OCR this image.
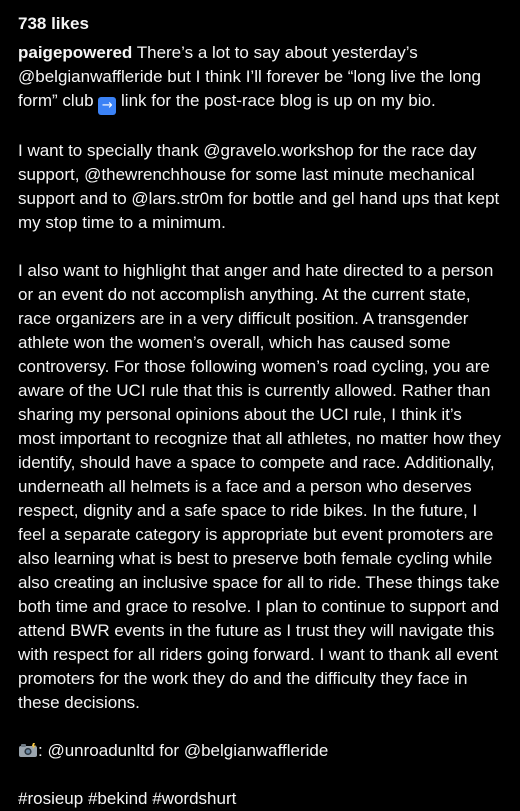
738 likes

paigepowered There’s a lot to say about yesterday’s @belgianwaffleride but I think I’ll forever be “long live the long form” club → link for the post-race blog is up on my bio.

I want to specially thank @gravelo.workshop for the race day support, @thewrenchhouse for some last minute mechanical support and to @lars.str0m for bottle and gel hand ups that kept my stop time to a minimum.

I also want to highlight that anger and hate directed to a person or an event do not accomplish anything. At the current state, race organizers are in a very difficult position. A transgender athlete won the women’s overall, which has caused some controversy. For those following women’s road cycling, you are aware of the UCI rule that this is currently allowed. Rather than sharing my personal opinions about the UCI rule, I think it’s most important to recognize that all athletes, no matter how they identify, should have a space to compete and race. Additionally, underneath all helmets is a face and a person who deserves respect, dignity and a safe space to ride bikes. In the future, I feel a separate category is appropriate but event promoters are also learning what is best to preserve both female cycling while also creating an inclusive space for all to ride. These things take both time and grace to resolve. I plan to continue to support and attend BWR events in the future as I trust they will navigate this with respect for all riders going forward. I want to thank all event promoters for the work they do and the difficulty they face in these decisions.

: @unroadunltd for @belgianwaffleride

#rosieup #bekind #wordshurt
